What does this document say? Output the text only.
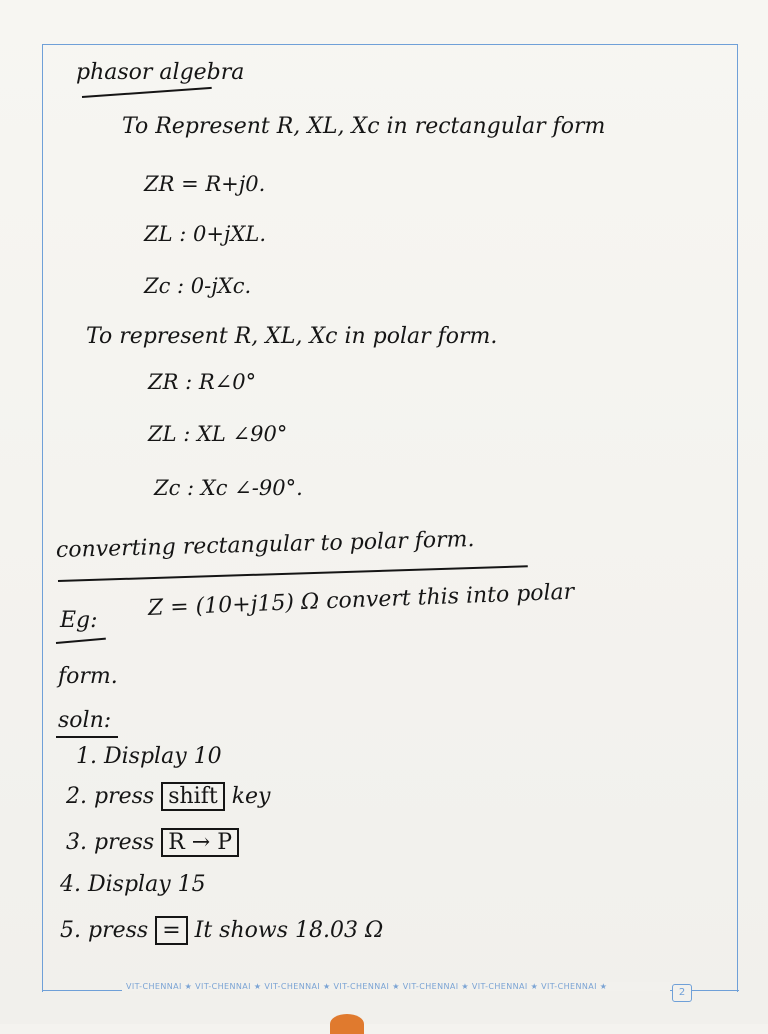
VIT-CHENNAI ★ VIT-CHENNAI ★ VIT-CHENNAI ★ VIT-CHENNAI ★ VIT-CHENNAI ★ VIT-CHENNAI ★ VIT-CHENNAI ★
2
phasor algebra
To Represent R, XL, Xc in rectangular form
ZR = R+j0.
ZL : 0+jXL.
Zc : 0-jXc.
To represent R, XL, Xc in polar form.
ZR : R∠0°
ZL : XL ∠90°
Zc : Xc ∠-90°.
converting rectangular to polar form.
Eg: Z = (10+j15) Ω convert this into polar
form.
soln:
1. Display 10
2. press shift key
3. press R → P
4. Display 15
5. press = It shows 18.03 Ω
